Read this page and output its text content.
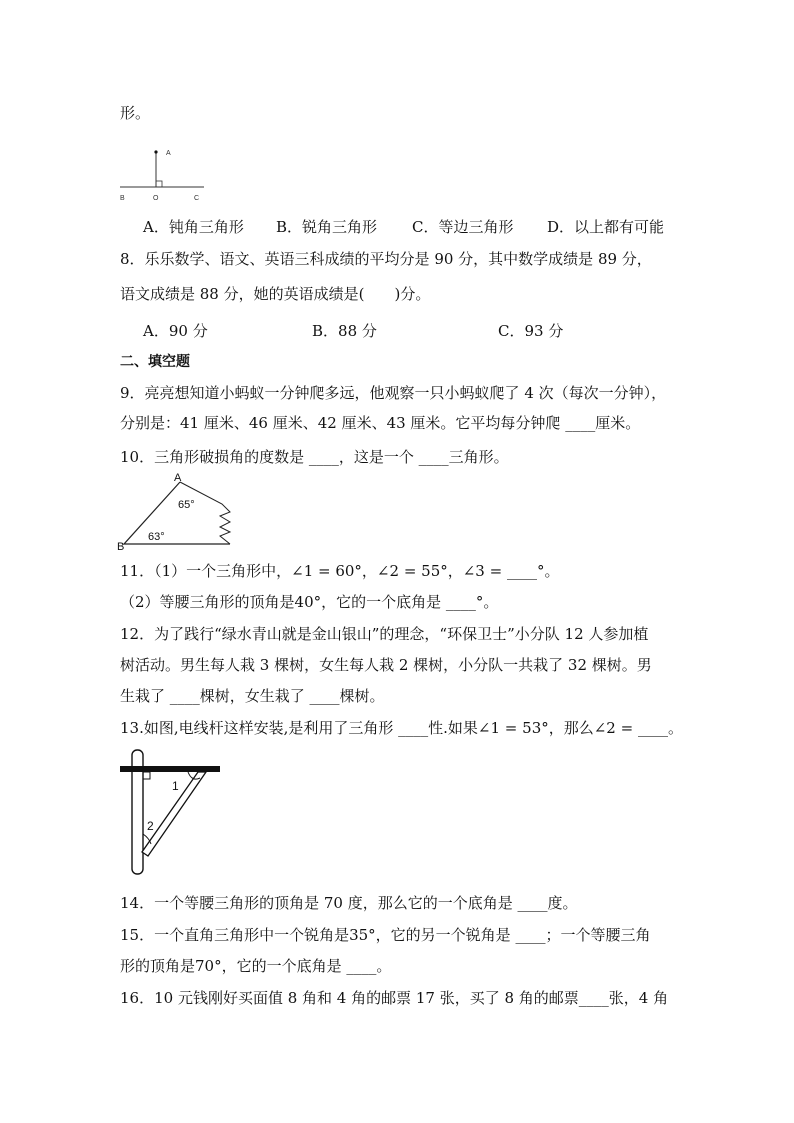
形。
A
B	O	C
A．钝角三角形 B．锐角三角形 C．等边三角形 D．以上都有可能
8．乐乐数学、语文、英语三科成绩的平均分是 90 分，其中数学成绩是 89 分，
语文成绩是 88 分，她的英语成绩是(　　)分。
A．90 分	B．88 分	C．93 分
二、填空题
9．亮亮想知道小蚂蚁一分钟爬多远，他观察一只小蚂蚁爬了 4 次（每次一分钟），
分别是：41 厘米、46 厘米、42 厘米、43 厘米。它平均每分钟爬 ____厘米。
10．三角形破损角的度数是 ____，这是一个 ____三角形。
A
B
65°
63°
11．（1）一个三角形中，∠1 = 60°，∠2 = 55°，∠3 = ____°。
（2）等腰三角形的顶角是40°，它的一个底角是 ____°。
12．为了践行“绿水青山就是金山银山”的理念，“环保卫士”小分队 12 人参加植
树活动。男生每人栽 3 棵树，女生每人栽 2 棵树，小分队一共栽了 32 棵树。男
生栽了 ____棵树，女生栽了 ____棵树。
13.如图,电线杆这样安装,是利用了三角形 ____性.如果∠1 = 53°，那么∠2 = ____。
1
2
14．一个等腰三角形的顶角是 70 度，那么它的一个底角是 ____度。
15．一个直角三角形中一个锐角是35°，它的另一个锐角是 ____；一个等腰三角
形的顶角是70°，它的一个底角是 ____。
16．10 元钱刚好买面值 8 角和 4 角的邮票 17 张，买了 8 角的邮票____张，4 角
